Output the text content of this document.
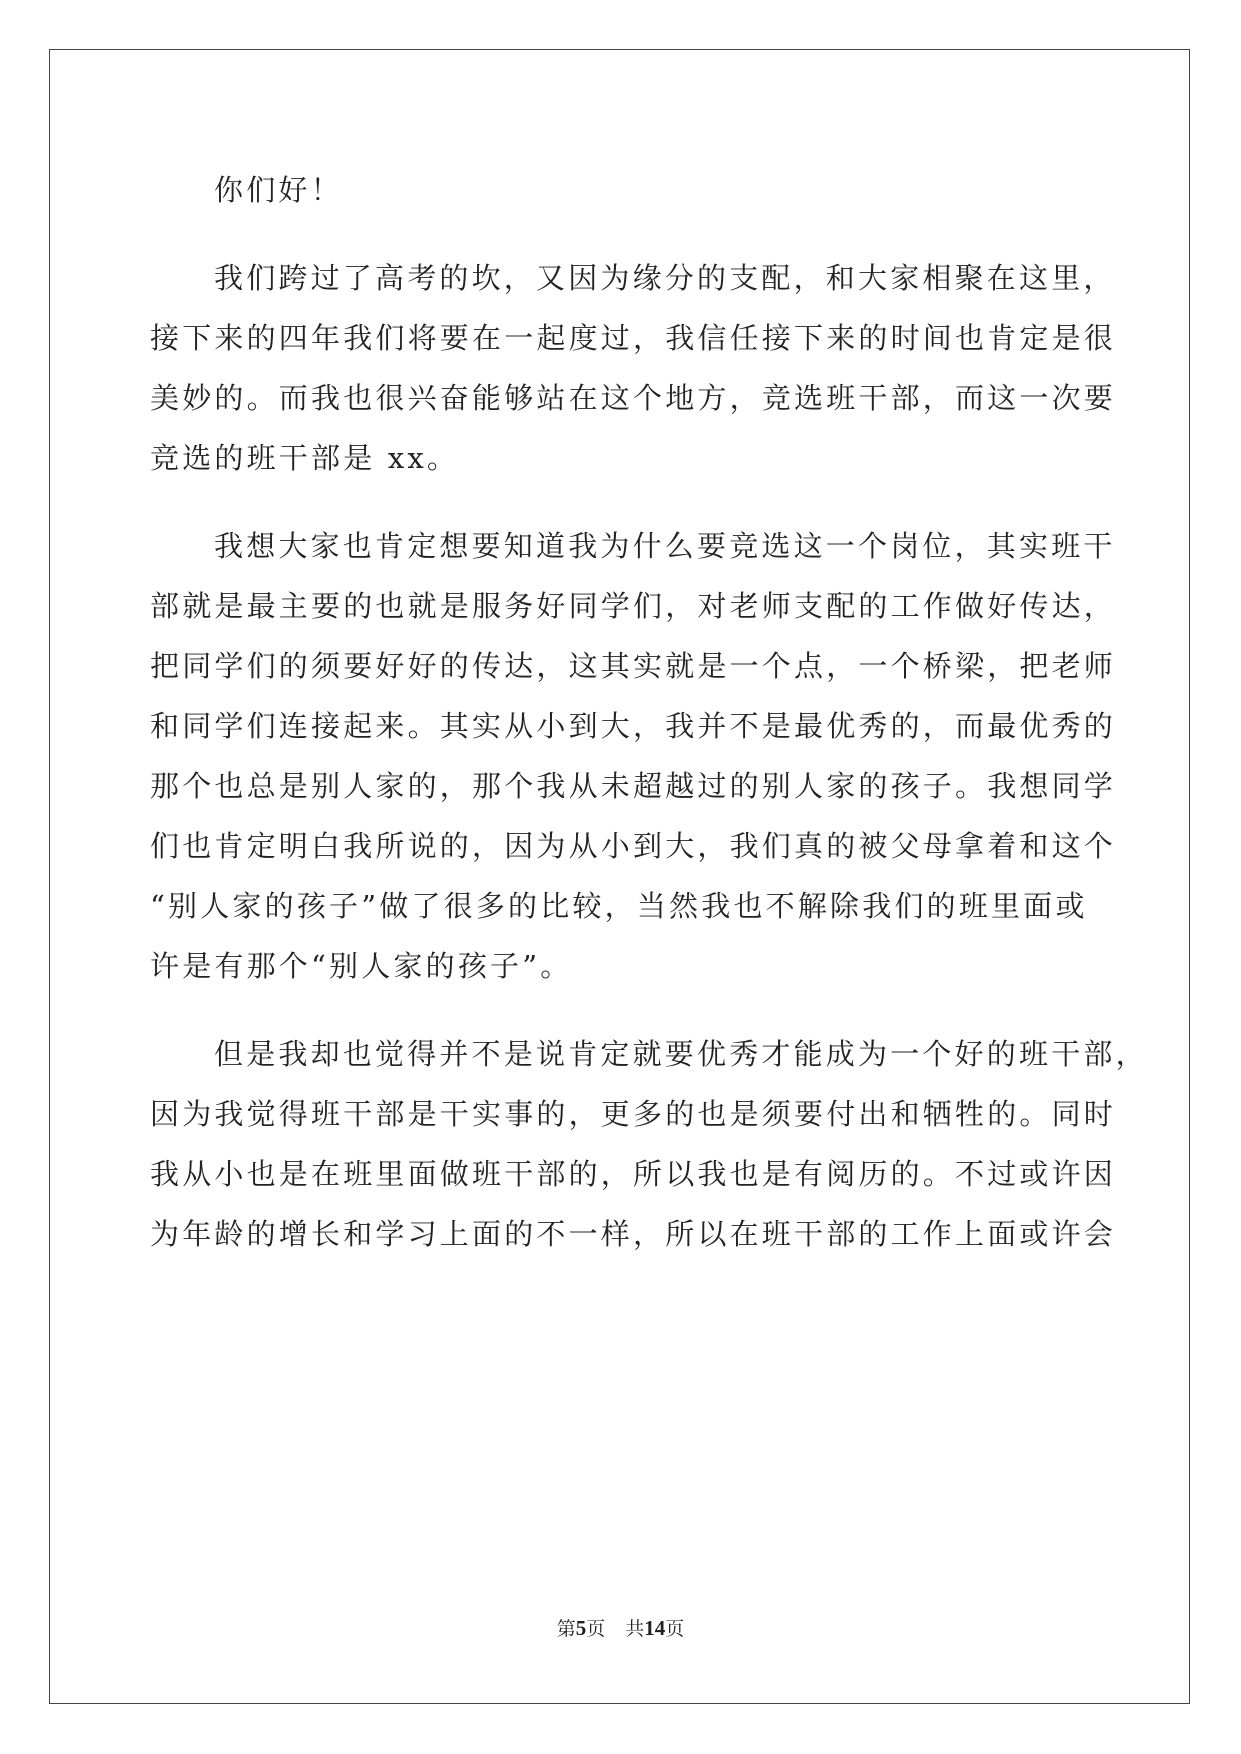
你们好！
我们跨过了高考的坎，又因为缘分的支配，和大家相聚在这里，
接下来的四年我们将要在一起度过，我信任接下来的时间也肯定是很
美妙的。而我也很兴奋能够站在这个地方，竞选班干部，而这一次要
竞选的班干部是 xx。
我想大家也肯定想要知道我为什么要竞选这一个岗位，其实班干
部就是最主要的也就是服务好同学们，对老师支配的工作做好传达，
把同学们的须要好好的传达，这其实就是一个点，一个桥梁，把老师
和同学们连接起来。其实从小到大，我并不是最优秀的，而最优秀的
那个也总是别人家的，那个我从未超越过的别人家的孩子。我想同学
们也肯定明白我所说的，因为从小到大，我们真的被父母拿着和这个
“别人家的孩子”做了很多的比较，当然我也不解除我们的班里面或
许是有那个“别人家的孩子”。
但是我却也觉得并不是说肯定就要优秀才能成为一个好的班干部，
因为我觉得班干部是干实事的，更多的也是须要付出和牺牲的。同时
我从小也是在班里面做班干部的，所以我也是有阅历的。不过或许因
为年龄的增长和学习上面的不一样，所以在班干部的工作上面或许会
第5页 共14页
